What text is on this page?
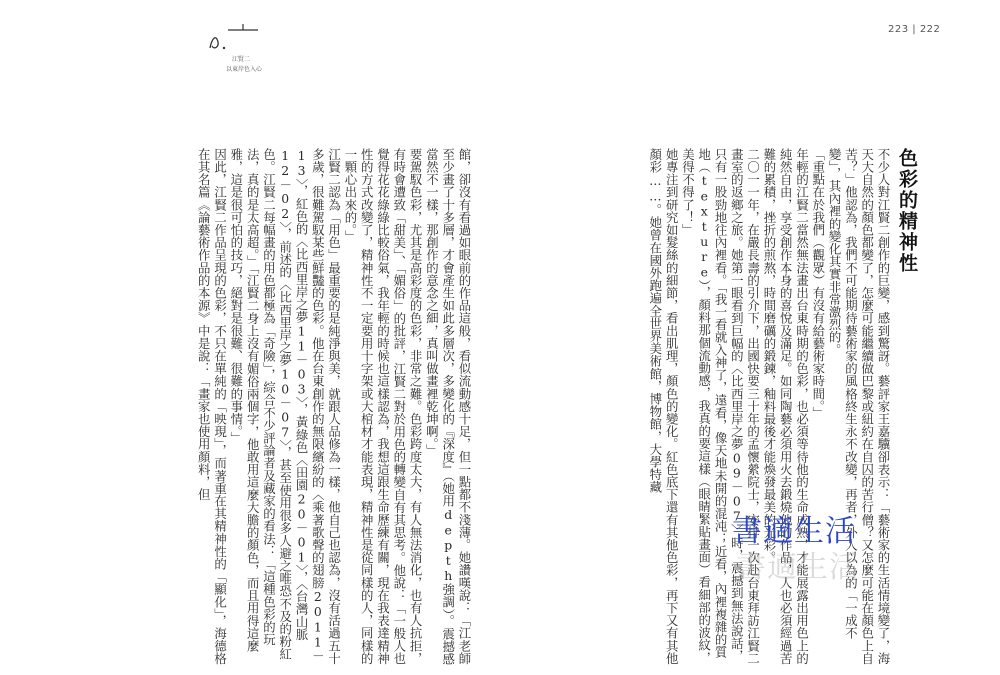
江賢二
以東岸色入心
223 | 222
色彩的精神性

不少人對江賢二創作的巨變，感到驚訝。藝評家王嘉驥卻表示：「藝術家的生活情境變了，海天大自然的顏色都變了，怎麼可能繼續做巴黎或紐約在自囚的苦行僧？又怎麼可能在顏色上自苦？」他認為，我們不可能期待藝術家的風格終生永不改變，再者，外人以為的「一成不變」，其內裡的變化其實非常激烈的。

「重點在於我們（觀眾）有沒有給藝術家時間。」

年輕的江賢二當然無法畫出台東時期的色彩，也必須等待他的生命成熟，才能展露出用色上的純然自由，享受創作本身的喜悅及滿足。如同陶藝必須用火去鍛燒他的作品，人也必須經過苦難的累積，挫折的煎熬，時間磨礪的鍛鍊，釉料最後才能煥發最美的光彩。

二〇一一年，在嚴長壽的引介下，出國快要三十年的孟懷縈院士，安排一次赴台東拜訪江賢二畫室的返鄉之旅。她第一眼看到巨幅的〈比西里岸之夢09－07〉時，震撼到無法說話，只有一股勁地往內裡看。「我一看就入神了，遠看，像天地未開的混沌；近看，內裡複雜的質地（texture），顏料那個流動感，我真的要這樣（眼睛緊貼畫面）看細部的波紋，美得不得了！」

她專注到研究如髮絲的細節，看出肌理，顏色的變化。紅色底下還有其他色彩，再下又有其他顏彩……。她曾在國外跑遍全世界美術館，博物館，大學特藏

館，卻沒有看過如眼前的作品這般，看似流動感十足，但一點都不淺薄。她讚嘆說：「江老師至少畫了十多層，才會產生如此多層次，多變化的『深度』（她用depth強調）。震撼感當然不一樣，那創作的意念之細，真叫做畫裡乾坤啊。」

要駕馭色彩，尤其是高彩度的色彩，非常之難。色彩跨度太大，有人無法消化，也有人抗拒，有時會遭致「甜美」、「媚俗」的批評，江賢二對於用色的轉變自有其思考。他說：「一般人也覺得花花綠綠比較俗氣，我年輕的時候也這樣認為，我想這跟生命歷練有關，現在我表達精神性的方式改變了，精神性不一定要用十字架或大棺材才能表現，精神性是從同樣的人，同樣的一顆心出來的。」

江賢二認為「用色」最重要的是純淨與美，就跟人品修為一樣，他自己也認為，沒有活過五十多歲，很難駕馭某些鮮豔的色彩。他在台東創作的無限繽紛的〈乘著歌聲的翅膀2011－13〉，紅色的〈比西里岸之夢11－03〉，黃綠色〈田園20－01〉，〈台灣山脈12－02〉，前述的〈比西里岸之夢10－07〉，甚至使用很多人避之唯恐不及的粉紅色。江賢二每幅畫的用色都極為「奇險」，綜合不少評論者及藏家的看法：「這種色彩的玩法，真的是太高超。」「江賢二身上沒有媚俗兩個字，他敢用這麼大膽的顏色，而且用得這麼雅，這是很可怕的技巧，絕對是很難、很難的事情。」

因此，江賢二作品呈現的色彩，不只在單純的「映現」，而著重在其精神性的「顯化」，海德格在其名篇《論藝術作品的本源》中是說：「畫家也使用顏料，但

書適生活
書適生活
